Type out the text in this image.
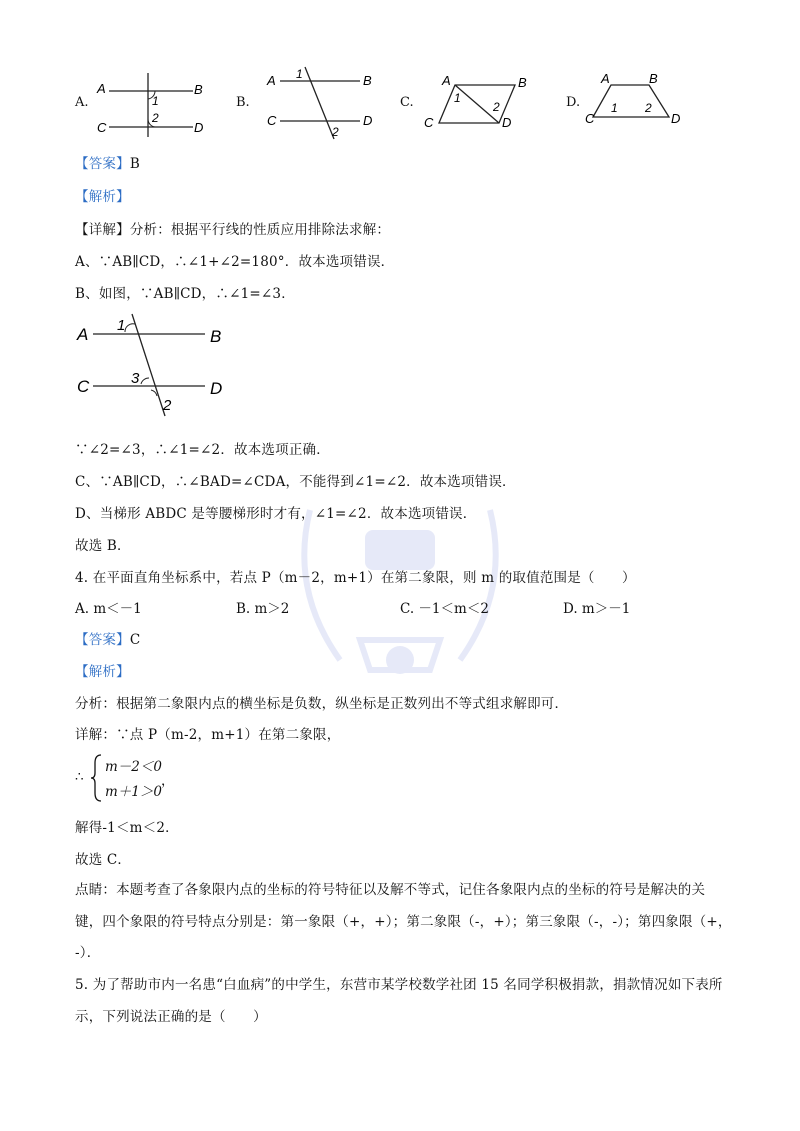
A.
A	B
C	D
1
2
B.
A	B
C	D
1
2
C.
A	B
C	D
1
2	D.
A	B
C	D
1 2
【答案】B
【解析】
【详解】分析：根据平行线的性质应用排除法求解：
A、∵AB∥CD，∴∠1+∠2=180°．故本选项错误．
B、如图，∵AB∥CD，∴∠1=∠3．
A	B
C	D
1
3
2
∵∠2=∠3，∴∠1=∠2．故本选项正确．
C、∵AB∥CD，∴∠BAD=∠CDA，不能得到∠1=∠2．故本选项错误．
D、当梯形 ABDC 是等腰梯形时才有，∠1=∠2．故本选项错误．
故选 B．
4. 在平面直角坐标系中，若点 P（m－2，m+1）在第二象限，则 m 的取值范围是（　　）
A. m＜－1	B. m＞2	C. －1＜m＜2	D. m＞－1
【答案】C
【解析】
分析：根据第二象限内点的横坐标是负数，纵坐标是正数列出不等式组求解即可．
详解：∵点 P（m-2，m+1）在第二象限，
∴
m－2＜0
m＋1＞0
，
解得-1＜m＜2．
故选 C．
点睛：本题考查了各象限内点的坐标的符号特征以及解不等式，记住各象限内点的坐标的符号是解决的关
键，四个象限的符号特点分别是：第一象限（+，+）；第二象限（-，+）；第三象限（-，-）；第四象限（+，
-）．
5. 为了帮助市内一名患“白血病”的中学生，东营市某学校数学社团 15 名同学积极捐款，捐款情况如下表所
示，下列说法正确的是（　　）
